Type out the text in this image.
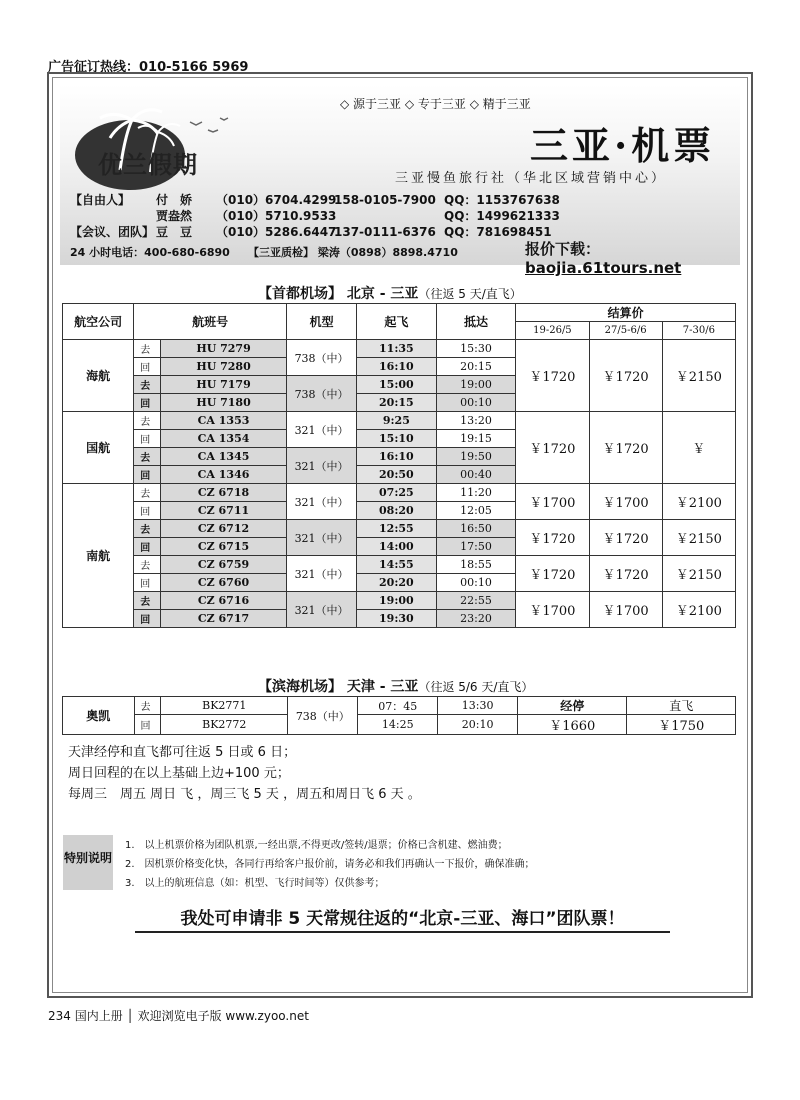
广告征订热线：010-5166 5969
◇ 源于三亚 ◇ 专于三亚 ◇ 精于三亚
优兰假期	三亚·机票
三亚慢鱼旅行社（华北区域营销中心）
【自由人】 付　娇 （010）6704.4299158-0105-7900 QQ：1153767638
贾盎然 （010）5710.9533	QQ：1499621333
【会议、团队】 豆　豆 （010）5286.6447137-0111-6376 QQ：781698451
24 小时电话：400-680-6890 【三亚质检】 梁涛（0898）8898.4710	报价下载：baojia.61tours.net
【首都机场】 北京 - 三亚（往返 5 天/直飞）
航空公司	航班号		机型	起飞	抵达	结算价		
						19-26/5	27/5-6/6	7-30/6
海航	去	HU 7279	738（中）	11:35	15:30	￥1720	￥1720	￥2150
	回	HU 7280		16:10	20:15			
	去	HU 7179	738（中）	15:00	19:00			
	回	HU 7180		20:15	00:10			
国航	去	CA 1353	321（中）	9:25	13:20	￥1720	￥1720	￥
	回	CA 1354		15:10	19:15			
	去	CA 1345	321（中）	16:10	19:50			
	回	CA 1346		20:50	00:40			
南航	去	CZ 6718	321（中）	07:25	11:20	￥1700	￥1700	￥2100
	回	CZ 6711		08:20	12:05			
	去	CZ 6712	321（中）	12:55	16:50	￥1720	￥1720	￥2150
	回	CZ 6715		14:00	17:50			
	去	CZ 6759	321（中）	14:55	18:55	￥1720	￥1720	￥2150
	回	CZ 6760		20:20	00:10			
	去	CZ 6716	321（中）	19:00	22:55	￥1700	￥1700	￥2100
	回	CZ 6717		19:30	23:20			
【滨海机场】 天津 - 三亚（往返 5/6 天/直飞）
奥凯	去	BK2771	738（中）	07：45	13:30	经停	直飞
	回	BK2772		14:25	20:10	￥1660	￥1750
天津经停和直飞都可往返 5 日或 6 日；
周日回程的在以上基础上边+100 元；
每周三　周五 周日 飞 ，周三飞 5 天 ，周五和周日飞 6 天 。
特别说明
1.　以上机票价格为团队机票,一经出票,不得更改/签转/退票；价格已含机建、燃油费；
2.　因机票价格变化快，各同行再给客户报价前，请务必和我们再确认一下报价，确保准确；
3.　以上的航班信息（如：机型、飞行时间等）仅供参考；
我处可申请非 5 天常规往返的“北京-三亚、海口”团队票！
234 国内上册 │ 欢迎浏览电子版 www.zyoo.net
